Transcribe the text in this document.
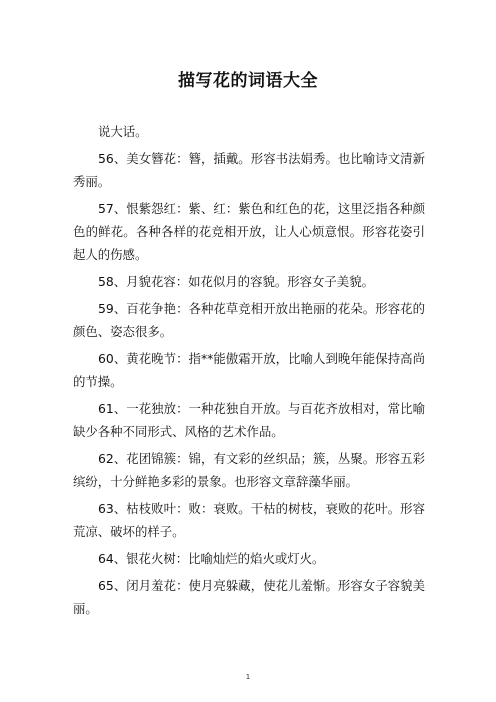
描写花的词语大全

说大话。

56、美女簪花：簪，插戴。形容书法娟秀。也比喻诗文清新秀丽。

57、恨紫怨红：紫、红：紫色和红色的花，这里泛指各种颜色的鲜花。各种各样的花竞相开放，让人心烦意恨。形容花姿引起人的伤感。

58、月貌花容：如花似月的容貌。形容女子美貌。

59、百花争艳：各种花草竞相开放出艳丽的花朵。形容花的颜色、姿态很多。

60、黄花晚节：指**能傲霜开放，比喻人到晚年能保持高尚的节操。

61、一花独放：一种花独自开放。与百花齐放相对，常比喻缺少各种不同形式、风格的艺术作品。

62、花团锦簇：锦，有文彩的丝织品；簇，丛聚。形容五彩缤纷，十分鲜艳多彩的景象。也形容文章辞藻华丽。

63、枯枝败叶：败：衰败。干枯的树枝，衰败的花叶。形容荒凉、破坏的样子。

64、银花火树：比喻灿烂的焰火或灯火。

65、闭月羞花：使月亮躲藏，使花儿羞惭。形容女子容貌美丽。

1
